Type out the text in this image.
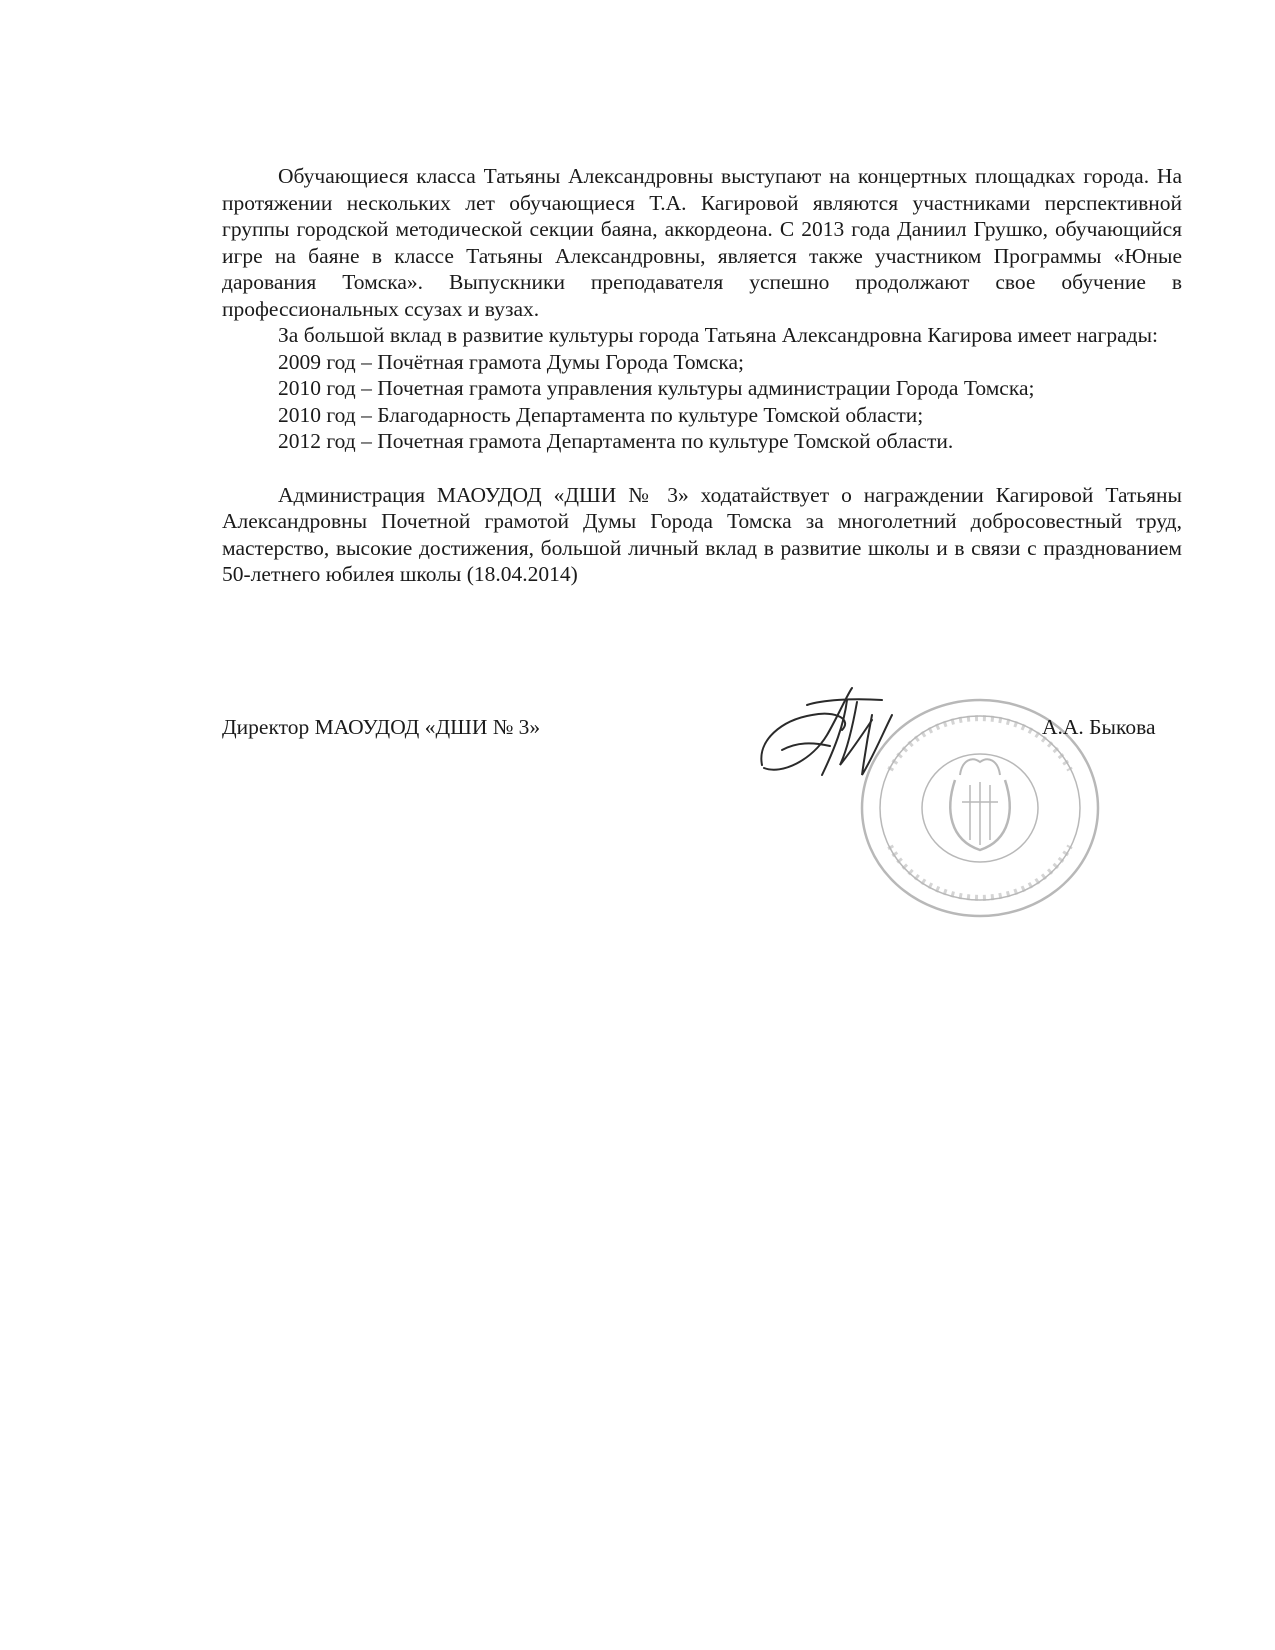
Обучающиеся класса Татьяны Александровны выступают на концертных площадках города. На протяжении нескольких лет обучающиеся Т.А. Кагировой являются участниками перспективной группы городской методической секции баяна, аккордеона. С 2013 года Даниил Грушко, обучающийся игре на баяне в классе Татьяны Александровны, является также участником Программы «Юные дарования Томска». Выпускники преподавателя успешно продолжают свое обучение в профессиональных ссузах и вузах.

За большой вклад в развитие культуры города Татьяна Александровна Кагирова имеет награды:

2009 год – Почётная грамота Думы Города Томска;

2010 год – Почетная грамота управления культуры администрации Города Томска;

2010 год – Благодарность Департамента по культуре Томской области;

2012 год – Почетная грамота Департамента по культуре Томской области.

Администрация МАОУДОД «ДШИ № 3» ходатайствует о награждении Кагировой Татьяны Александровны Почетной грамотой Думы Города Томска за многолетний добросовестный труд, мастерство, высокие достижения, большой личный вклад в развитие школы и в связи с празднованием 50-летнего юбилея школы (18.04.2014)

Директор МАОУДОД «ДШИ № 3»	А.А. Быкова
